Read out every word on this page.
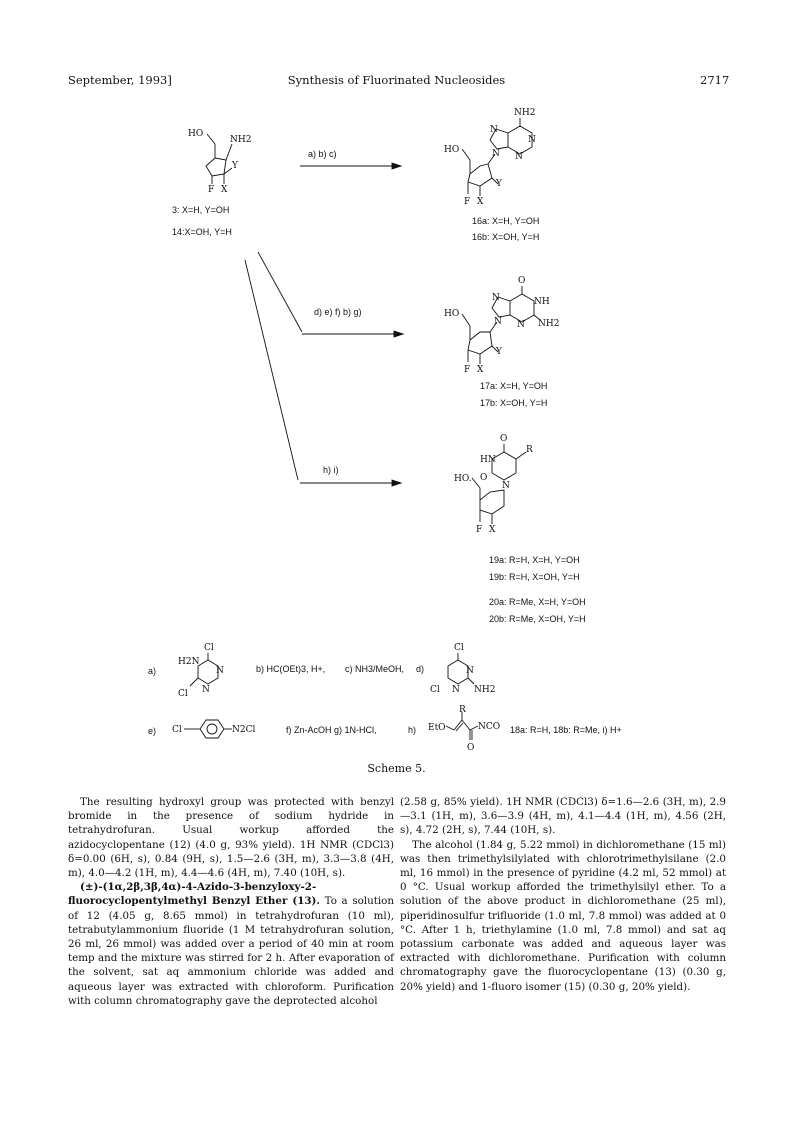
September, 1993]	Synthesis of Fluorinated Nucleosides	2717
HO
NH2
Y
F X
3: X=H, Y=OH
14:X=OH, Y=H
a) b) c)
d) e) f) b) g)
h) i)
NH2
N
N
N
N
HO
Y
F X
16a: X=H, Y=OH
16b: X=OH, Y=H
O
NH
N NH2
N
N
HO
Y
F X
17a: X=H, Y=OH
17b: X=OH, Y=H
O
HN
R
N
HO. O
F X
19a: R=H, X=H, Y=OH
19b: R=H, X=OH, Y=H
20a: R=Me, X=H, Y=OH
20b: R=Me, X=OH, Y=H
a)
Cl
N
N
H2N
Cl
b) HC(OEt)3, H+, c) NH3/MeOH, d)
Cl
N
N NH2
Cl
e) Cl	N2Cl	f) Zn-AcOH g) 1N-HCl,	h) EtO
R
NCO
O
18a: R=H, 18b: R=Me, i) H+
Scheme 5.

The resulting hydroxyl group was protected with benzyl bromide in the presence of sodium hydride in tetrahydrofuran. Usual workup afforded the azidocyclopentane (12) (4.0 g, 93% yield). 1H NMR (CDCl3) δ=0.00 (6H, s), 0.84 (9H, s), 1.5—2.6 (3H, m), 3.3—3.8 (4H, m), 4.0—4.2 (1H, m), 4.4—4.6 (4H, m), 7.40 (10H, s).

(±)-(1α,2β,3β,4α)-4-Azido-3-benzyloxy-2-fluorocyclopentylmethyl Benzyl Ether (13). To a solution of 12 (4.05 g, 8.65 mmol) in tetrahydrofuran (10 ml), tetrabutylammonium fluoride (1 M tetrahydrofuran solution, 26 ml, 26 mmol) was added over a period of 40 min at room temp and the mixture was stirred for 2 h. After evaporation of the solvent, sat aq ammonium chloride was added and aqueous layer was extracted with chloroform. Purification with column chromatography gave the deprotected alcohol

(2.58 g, 85% yield). 1H NMR (CDCl3) δ=1.6—2.6 (3H, m), 2.9—3.1 (1H, m), 3.6—3.9 (4H, m), 4.1—4.4 (1H, m), 4.56 (2H, s), 4.72 (2H, s), 7.44 (10H, s).

The alcohol (1.84 g, 5.22 mmol) in dichloromethane (15 ml) was then trimethylsilylated with chlorotrimethylsilane (2.0 ml, 16 mmol) in the presence of pyridine (4.2 ml, 52 mmol) at 0 °C. Usual workup afforded the trimethylsilyl ether. To a solution of the above product in dichloromethane (25 ml), piperidinosulfur trifluoride (1.0 ml, 7.8 mmol) was added at 0 °C. After 1 h, triethylamine (1.0 ml, 7.8 mmol) and sat aq potassium carbonate was added and aqueous layer was extracted with dichloromethane. Purification with column chromatography gave the fluorocyclopentane (13) (0.30 g, 20% yield) and 1-fluoro isomer (15) (0.30 g, 20% yield).
